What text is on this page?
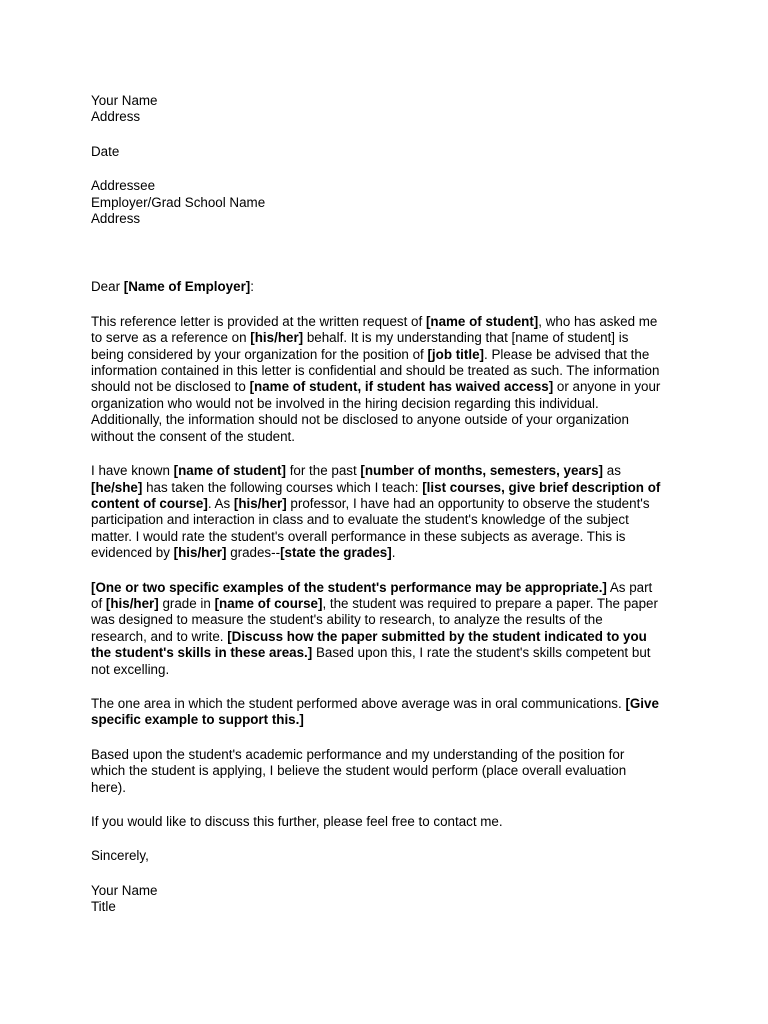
Your Name
Address
Date
Addressee
Employer/Grad School Name
Address
Dear [Name of Employer]:
This reference letter is provided at the written request of [name of student], who has asked me
to serve as a reference on [his/her] behalf. It is my understanding that [name of student] is
being considered by your organization for the position of [job title]. Please be advised that the
information contained in this letter is confidential and should be treated as such. The information
should not be disclosed to [name of student, if student has waived access] or anyone in your
organization who would not be involved in the hiring decision regarding this individual.
Additionally, the information should not be disclosed to anyone outside of your organization
without the consent of the student.
I have known [name of student] for the past [number of months, semesters, years] as
[he/she] has taken the following courses which I teach: [list courses, give brief description of
content of course]. As [his/her] professor, I have had an opportunity to observe the student's
participation and interaction in class and to evaluate the student's knowledge of the subject
matter. I would rate the student's overall performance in these subjects as average. This is
evidenced by [his/her] grades--[state the grades].
[One or two specific examples of the student's performance may be appropriate.] As part
of [his/her] grade in [name of course], the student was required to prepare a paper. The paper
was designed to measure the student's ability to research, to analyze the results of the
research, and to write. [Discuss how the paper submitted by the student indicated to you
the student's skills in these areas.] Based upon this, I rate the student's skills competent but
not excelling.
The one area in which the student performed above average was in oral communications. [Give
specific example to support this.]
Based upon the student's academic performance and my understanding of the position for
which the student is applying, I believe the student would perform (place overall evaluation
here).
If you would like to discuss this further, please feel free to contact me.
Sincerely,
Your Name
Title
